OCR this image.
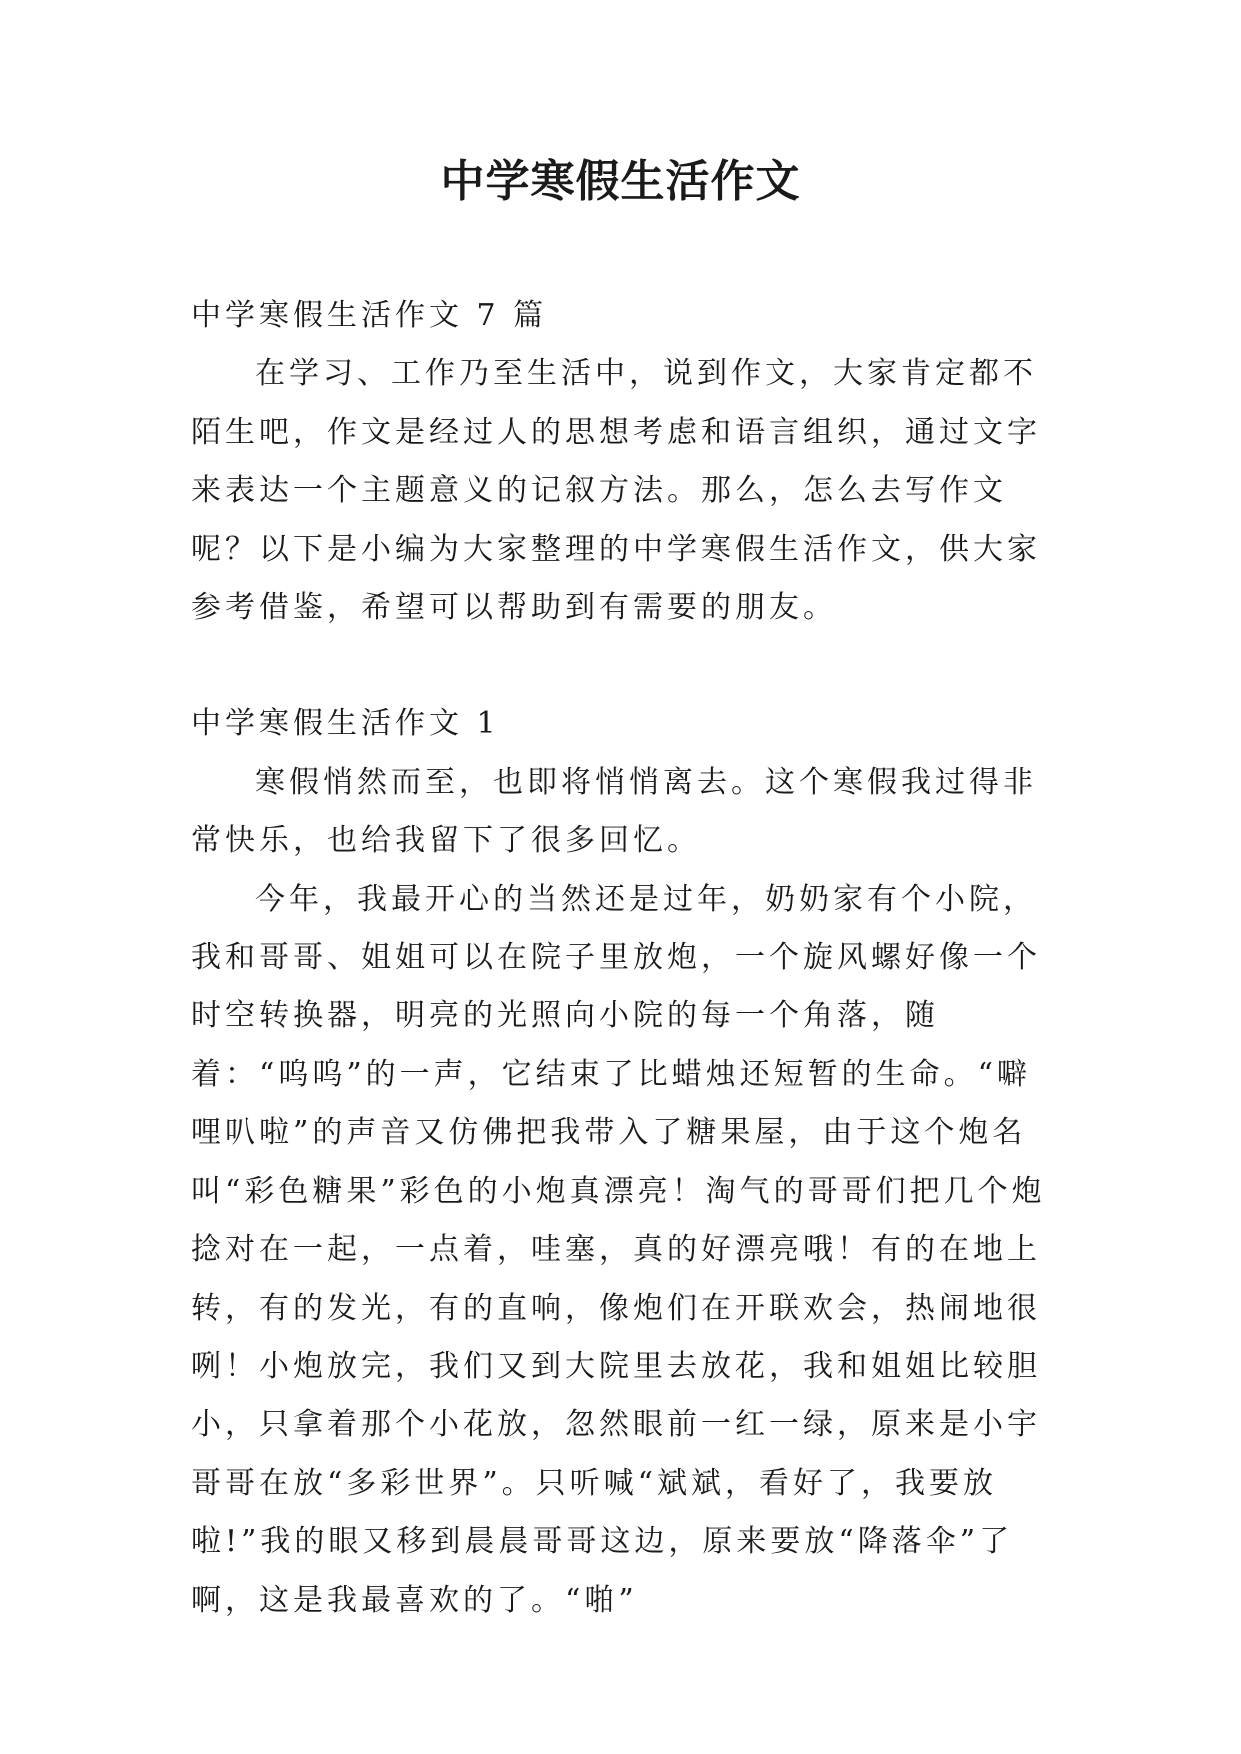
中学寒假生活作文

中学寒假生活作文 7 篇

在学习、工作乃至生活中，说到作文，大家肯定都不陌生吧，作文是经过人的思想考虑和语言组织，通过文字来表达一个主题意义的记叙方法。那么，怎么去写作文呢？以下是小编为大家整理的中学寒假生活作文，供大家参考借鉴，希望可以帮助到有需要的朋友。

中学寒假生活作文 1

寒假悄然而至，也即将悄悄离去。这个寒假我过得非常快乐，也给我留下了很多回忆。

今年，我最开心的当然还是过年，奶奶家有个小院，我和哥哥、姐姐可以在院子里放炮，一个旋风螺好像一个时空转换器，明亮的光照向小院的每一个角落，随着：“呜呜”的一声，它结束了比蜡烛还短暂的生命。“噼哩叭啦”的声音又仿佛把我带入了糖果屋，由于这个炮名叫“彩色糖果”彩色的小炮真漂亮！淘气的哥哥们把几个炮捻对在一起，一点着，哇塞，真的好漂亮哦！有的在地上转，有的发光，有的直响，像炮们在开联欢会，热闹地很咧！小炮放完，我们又到大院里去放花，我和姐姐比较胆小，只拿着那个小花放，忽然眼前一红一绿，原来是小宇哥哥在放“多彩世界”。只听喊“斌斌，看好了，我要放啦!”我的眼又移到晨晨哥哥这边，原来要放“降落伞”了啊，这是我最喜欢的了。“啪”
